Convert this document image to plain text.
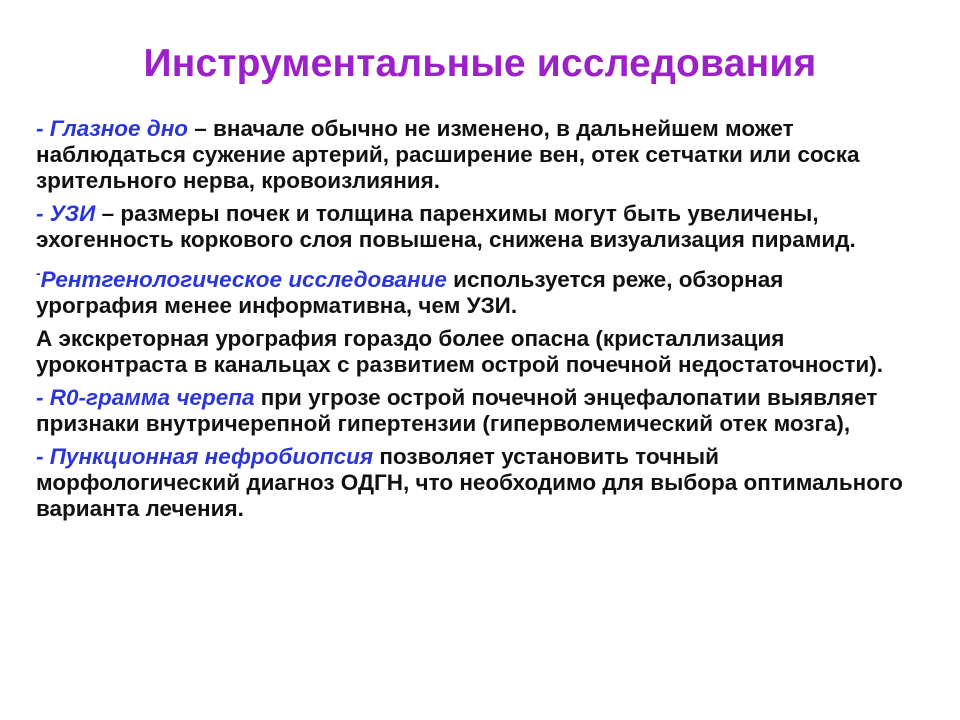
Инструментальные исследования

- Глазное дно – вначале обычно не изменено, в дальнейшем может наблюдаться сужение артерий, расширение вен, отек сетчатки или соска зрительного нерва, кровоизлияния.

- УЗИ – размеры почек и толщина паренхимы могут быть увеличены, эхогенность коркового слоя повышена, снижена визуализация пирамид.

-Рентгенологическое исследование используется реже, обзорная урография менее информативна, чем УЗИ.

А экскреторная урография гораздо более опасна (кристаллизация уроконтраста в канальцах с развитием острой почечной недостаточности).

- R0-грамма черепа при угрозе острой почечной энцефалопатии выявляет признаки внутричерепной гипертензии (гиперволемический отек мозга),

- Пункционная нефробиопсия позволяет установить точный морфологический диагноз ОДГН, что необходимо для выбора оптимального варианта лечения.
